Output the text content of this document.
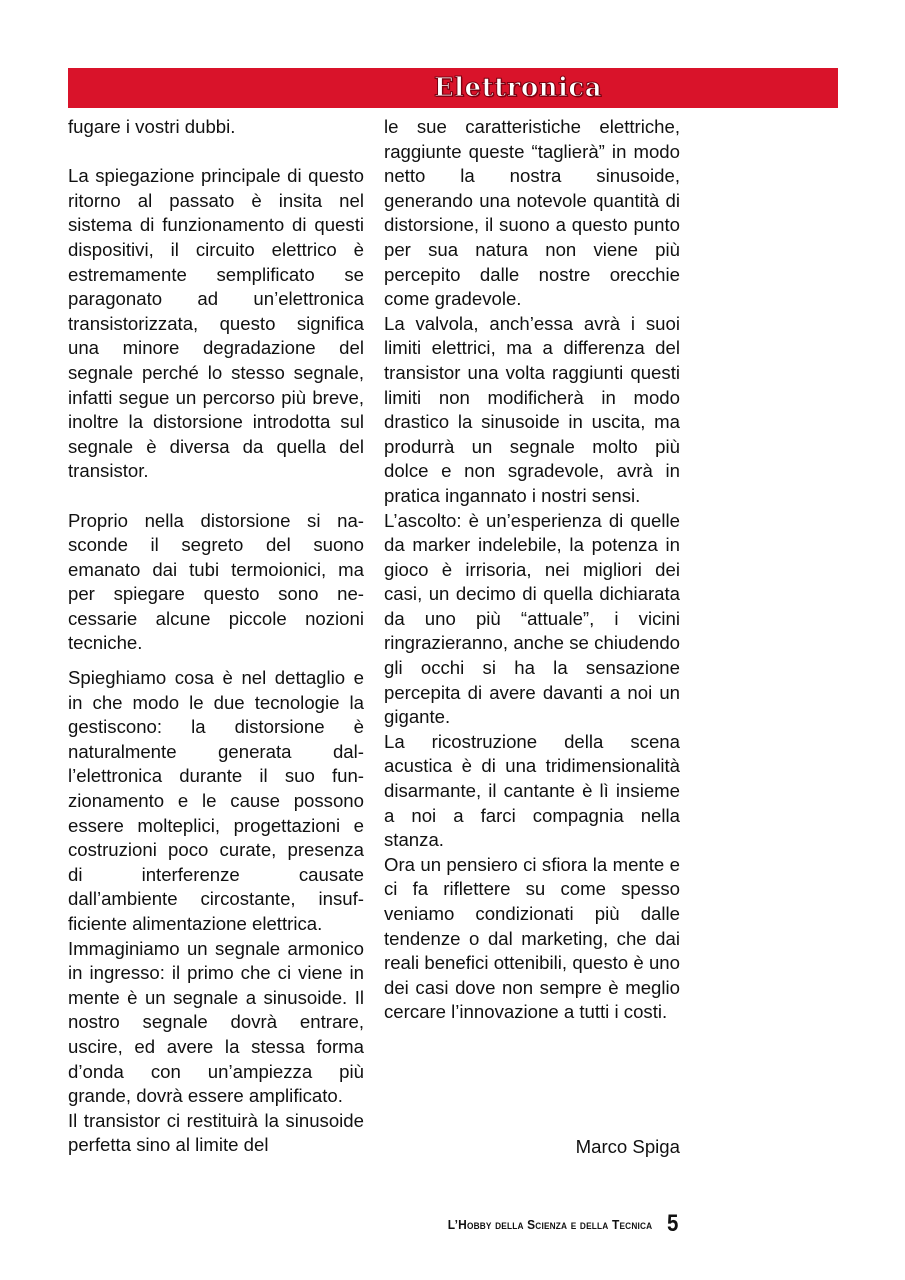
Elettronica

fugare i vostri dubbi.

La spiegazione principale di questo ritorno al passato è insita nel sistema di funzionamento di questi dispositivi, il circuito elettrico è estremamente semplificato se paragonato ad un’elettronica transistorizzata, questo significa una minore degradazione del segnale perché lo stesso segnale, infatti segue un percorso più breve, inoltre la distorsione introdotta sul segnale è diversa da quella del transistor.

Proprio nella distorsione si nasconde il segreto del suono emanato dai tubi termoionici, ma per spiegare questo sono necessarie alcune piccole nozioni tecniche.

Spieghiamo cosa è nel dettaglio e in che modo le due tecnologie la gestiscono: la distorsione è naturalmente generata dall’elettronica durante il suo funzionamento e le cause possono essere molteplici, progettazioni e costruzioni poco curate, presenza di interferenze causate dall’ambiente circostante, insufficiente alimentazione elettrica.

Immaginiamo un segnale armonico in ingresso: il primo che ci viene in mente è un segnale a sinusoide. Il nostro segnale dovrà entrare, uscire, ed avere la stessa forma d’onda con un’ampiezza più grande, dovrà essere amplificato.

Il transistor ci restituirà la sinusoide perfetta sino al limite del

le sue caratteristiche elettriche, raggiunte queste “taglierà” in modo netto la nostra sinusoide, generando una notevole quantità di distorsione, il suono a questo punto per sua natura non viene più percepito dalle nostre orecchie come gradevole.

La valvola, anch’essa avrà i suoi limiti elettrici, ma a differenza del transistor una volta raggiunti questi limiti non modificherà in modo drastico la sinusoide in uscita, ma produrrà un segnale molto più dolce e non sgradevole, avrà in pratica ingannato i nostri sensi.

L’ascolto: è un’esperienza di quelle da marker indelebile, la potenza in gioco è irrisoria, nei migliori dei casi, un decimo di quella dichiarata da uno più “attuale”, i vicini ringrazieranno, anche se chiudendo gli occhi si ha la sensazione percepita di avere davanti a noi un gigante.

La ricostruzione della scena acustica è di una tridimensionalità disarmante, il cantante è lì insieme a noi a farci compagnia nella stanza.

Ora un pensiero ci sfiora la mente e ci fa riflettere su come spesso veniamo condizionati più dalle tendenze o dal marketing, che dai reali benefici ottenibili, questo è uno dei casi dove non sempre è meglio cercare l’innovazione a tutti i costi.

Marco Spiga
L’Hobby della Scienza e della Tecnica 5
